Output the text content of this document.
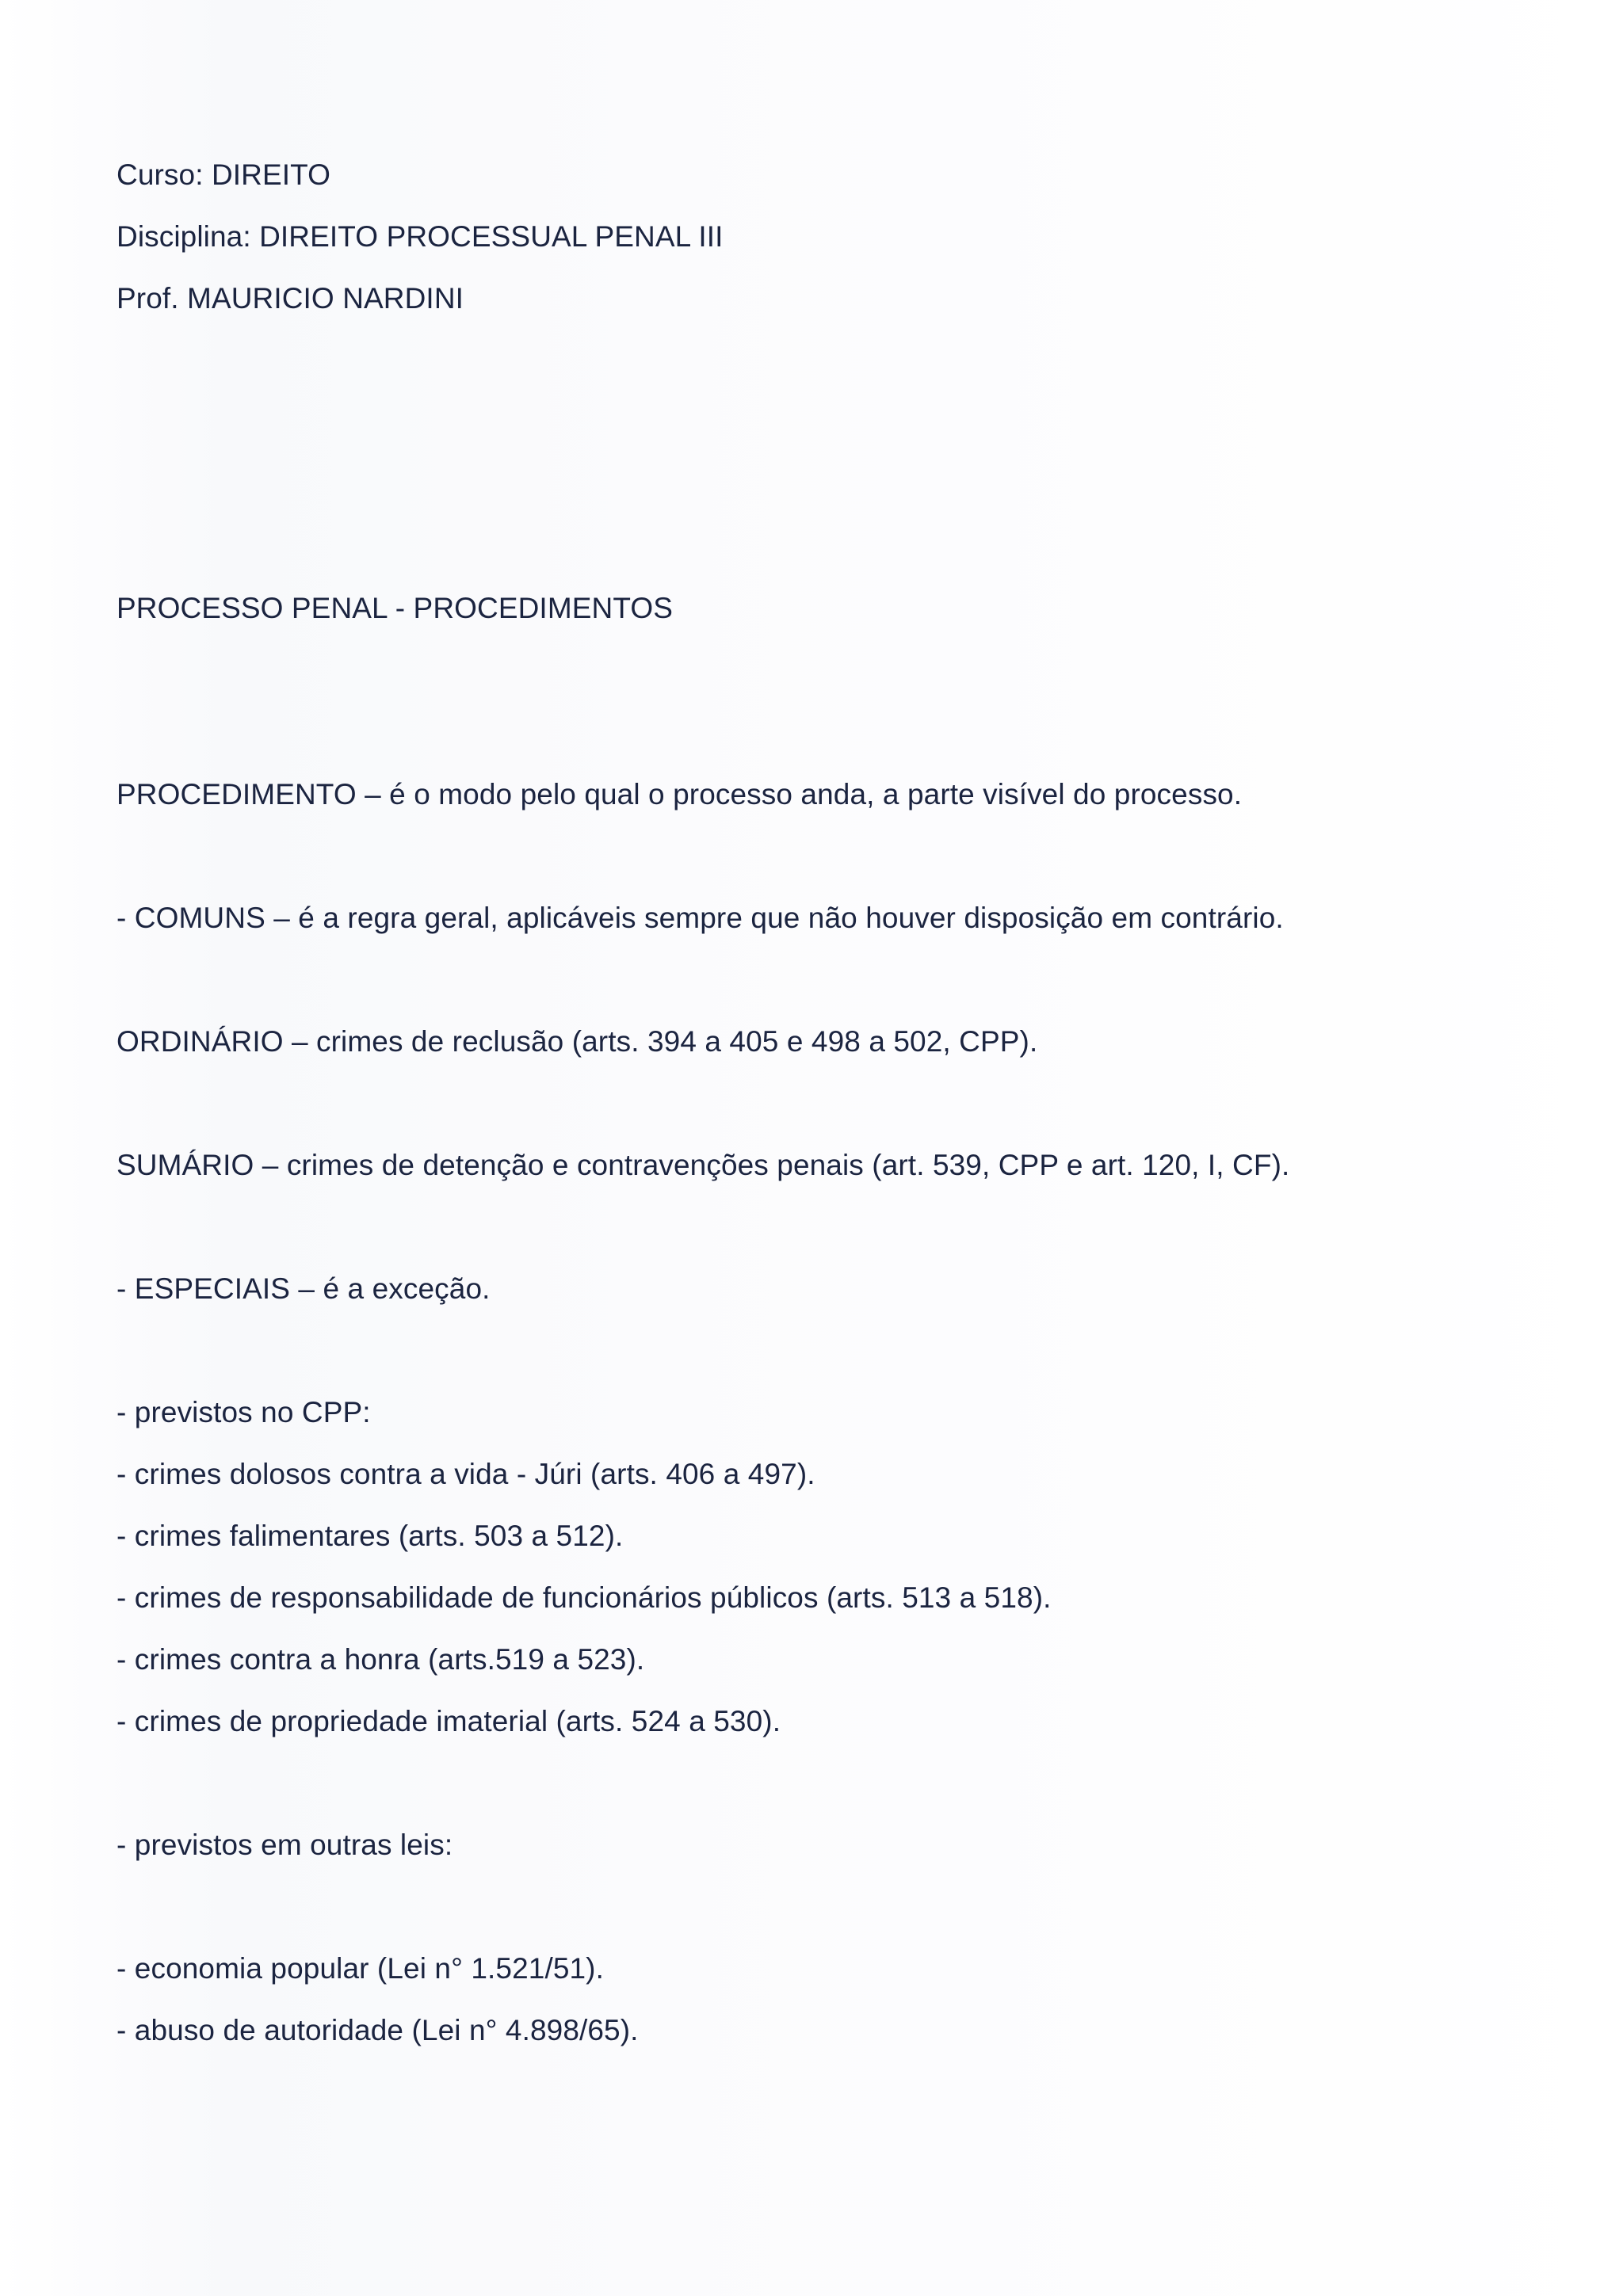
Curso: DIREITO
Disciplina: DIREITO PROCESSUAL PENAL III
Prof. MAURICIO NARDINI
PROCESSO PENAL - PROCEDIMENTOS
PROCEDIMENTO – é o modo pelo qual o processo anda, a parte visível do processo.
- COMUNS – é a regra geral, aplicáveis sempre que não houver disposição em contrário.
ORDINÁRIO – crimes de reclusão (arts. 394 a 405 e 498 a 502, CPP).
SUMÁRIO – crimes de detenção e contravenções penais (art. 539, CPP e art. 120, I, CF).
- ESPECIAIS – é a exceção.
- previstos no CPP:
- crimes dolosos contra a vida - Júri (arts. 406 a 497).
- crimes falimentares (arts. 503 a 512).
- crimes de responsabilidade de funcionários públicos (arts. 513 a 518).
- crimes contra a honra (arts.519 a 523).
- crimes de propriedade imaterial (arts. 524 a 530).
- previstos em outras leis:
- economia popular (Lei n° 1.521/51).
- abuso de autoridade (Lei n° 4.898/65).
